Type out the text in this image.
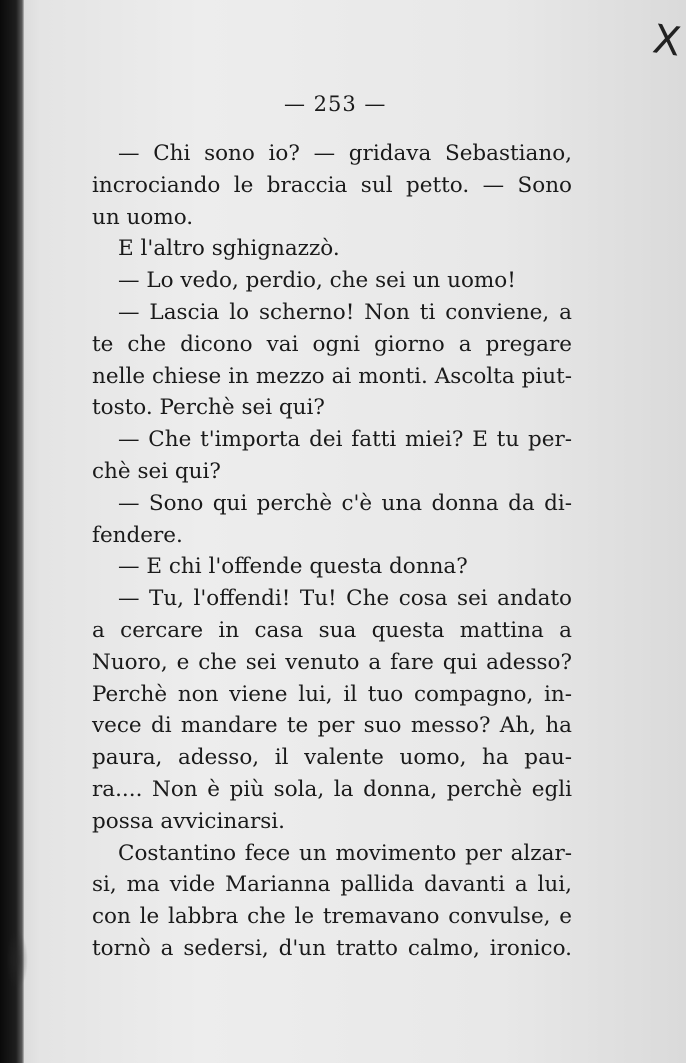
X
— 253 —
— Chi sono io? — gridava Sebastiano,
incrociando le braccia sul petto. — Sono
un uomo.
E l'altro sghignazzò.
— Lo vedo, perdio, che sei un uomo!
— Lascia lo scherno! Non ti conviene, a
te che dicono vai ogni giorno a pregare
nelle chiese in mezzo ai monti. Ascolta piut-
tosto. Perchè sei qui?
— Che t'importa dei fatti miei? E tu per-
chè sei qui?
— Sono qui perchè c'è una donna da di-
fendere.
— E chi l'offende questa donna?
— Tu, l'offendi! Tu! Che cosa sei andato
a cercare in casa sua questa mattina a
Nuoro, e che sei venuto a fare qui adesso?
Perchè non viene lui, il tuo compagno, in-
vece di mandare te per suo messo? Ah, ha
paura, adesso, il valente uomo, ha pau-
ra.... Non è più sola, la donna, perchè egli
possa avvicinarsi.
Costantino fece un movimento per alzar-
si, ma vide Marianna pallida davanti a lui,
con le labbra che le tremavano convulse, e
tornò a sedersi, d'un tratto calmo, ironico.
